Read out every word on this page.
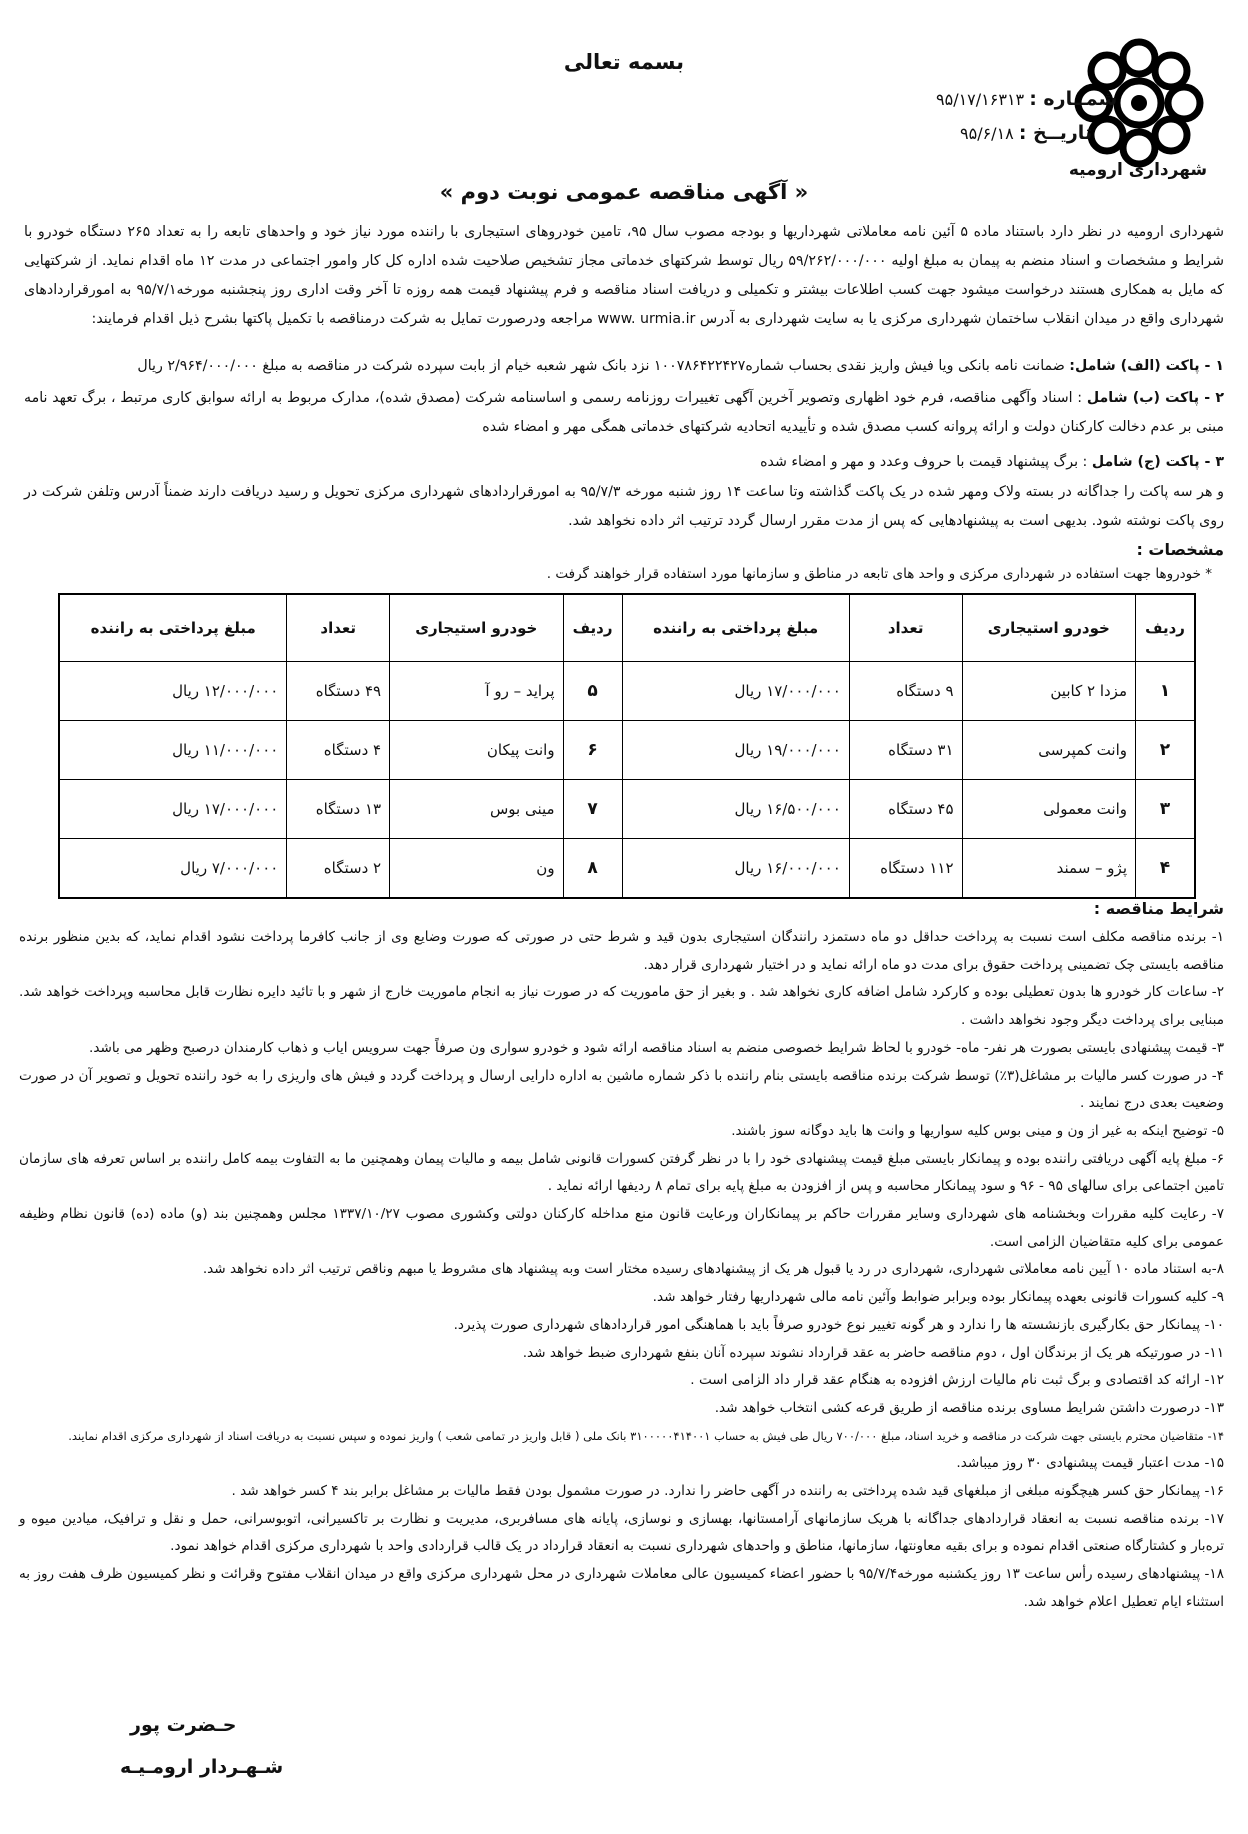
بسمه تعالی
شهرداری ارومیه
شمــاره : ۹۵/۱۷/۱۶۳۱۳
تاریــخ : ۹۵/۶/۱۸
« آگهی مناقصه عمومی نوبت دوم »
شهرداری ارومیه در نظر دارد باستناد ماده ۵ آئین نامه معاملاتی شهرداریها و بودجه مصوب سال ۹۵، تامین خودروهای استیجاری با راننده مورد نیاز خود و واحدهای تابعه را به تعداد ۲۶۵ دستگاه خودرو با شرایط و مشخصات و اسناد منضم به پیمان به مبلغ اولیه ۵۹/۲۶۲/۰۰۰/۰۰۰ ریال توسط شرکتهای خدماتی مجاز تشخیص صلاحیت شده اداره کل کار وامور اجتماعی در مدت ۱۲ ماه اقدام نماید. از شرکتهایی که مایل به همکاری هستند درخواست میشود جهت کسب اطلاعات بیشتر و تکمیلی و دریافت اسناد مناقصه و فرم پیشنهاد قیمت همه روزه تا آخر وقت اداری روز پنجشنبه مورخه۹۵/۷/۱ به امورقراردادهای شهرداری واقع در میدان انقلاب ساختمان شهرداری مرکزی یا به سایت شهرداری به آدرس www. urmia.ir مراجعه ودرصورت تمایل به شرکت درمناقصه با تکمیل پاکتها بشرح ذیل اقدام فرمایند:
۱ - پاکت (الف) شامل: ضمانت نامه بانکی ویا فیش واریز نقدی بحساب شماره۱۰۰۷۸۶۴۲۲۴۲۷ نزد بانک شهر شعبه خیام از بابت سپرده شرکت در مناقصه به مبلغ ۲/۹۶۴/۰۰۰/۰۰۰ ریال
۲ - پاکت (ب) شامل : اسناد وآگهی مناقصه، فرم خود اظهاری وتصویر آخرین آگهی تغییرات روزنامه رسمی و اساسنامه شرکت (مصدق شده)، مدارک مربوط به ارائه سوابق کاری مرتبط ، برگ تعهد نامه مبنی بر عدم دخالت کارکنان دولت و ارائه پروانه کسب مصدق شده و تأییدیه اتحادیه شرکتهای خدماتی همگی مهر و امضاء شده
۳ - پاکت (ج) شامل : برگ پیشنهاد قیمت با حروف وعدد و مهر و امضاء شده
و هر سه پاکت را جداگانه در بسته ولاک ومهر شده در یک پاکت گذاشته وتا ساعت ۱۴ روز شنبه مورخه ۹۵/۷/۳ به امورقراردادهای شهرداری مرکزی تحویل و رسید دریافت دارند ضمناً آدرس وتلفن شرکت در روی پاکت نوشته شود. بدیهی است به پیشنهادهایی که پس از مدت مقرر ارسال گردد ترتیب اثر داده نخواهد شد.
مشخصات :
* خودروها جهت استفاده در شهرداری مرکزی و واحد های تابعه در مناطق و سازمانها مورد استفاده قرار خواهند گرفت .
ردیف	خودرو استیجاری	تعداد	مبلغ پرداختی به راننده	ردیف	خودرو استیجاری	تعداد	مبلغ پرداختی به راننده
۱	مزدا ۲ کابین	۹ دستگاه	۱۷/۰۰۰/۰۰۰ ریال	۵	پراید – رو آ	۴۹ دستگاه	۱۲/۰۰۰/۰۰۰ ریال
۲	وانت کمپرسی	۳۱ دستگاه	۱۹/۰۰۰/۰۰۰ ریال	۶	وانت پیکان	۴ دستگاه	۱۱/۰۰۰/۰۰۰ ریال
۳	وانت معمولی	۴۵ دستگاه	۱۶/۵۰۰/۰۰۰ ریال	۷	مینی بوس	۱۳ دستگاه	۱۷/۰۰۰/۰۰۰ ریال
۴	پژو – سمند	۱۱۲ دستگاه	۱۶/۰۰۰/۰۰۰ ریال	۸	ون	۲ دستگاه	۷/۰۰۰/۰۰۰ ریال
شرایط مناقصه :

۱- برنده مناقصه مکلف است نسبت به پرداخت حداقل دو ماه دستمزد رانندگان استیجاری بدون قید و شرط حتی در صورتی که صورت وضایع وی از جانب کافرما پرداخت نشود اقدام نماید، که بدین منظور برنده مناقصه بایستی چک تضمینی پرداخت حقوق برای مدت دو ماه ارائه نماید و در اختیار شهرداری قرار دهد.

۲- ساعات کار خودرو ها بدون تعطیلی بوده و کارکرد شامل اضافه کاری نخواهد شد . و بغیر از حق ماموریت که در صورت نیاز به انجام ماموریت خارج از شهر و با تائید دایره نظارت قابل محاسبه وپرداخت خواهد شد. مبنایی برای پرداخت دیگر وجود نخواهد داشت .

۳- قیمت پیشنهادی بایستی بصورت هر نفر- ماه- خودرو با لحاظ شرایط خصوصی منضم به اسناد مناقصه ارائه شود و خودرو سواری ون صرفاً جهت سرویس ایاب و ذهاب کارمندان درصبح وظهر می باشد.

۴- در صورت کسر مالیات بر مشاغل(۳٪) توسط شرکت برنده مناقصه بایستی بنام راننده با ذکر شماره ماشین به اداره دارایی ارسال و پرداخت گردد و فیش های واریزی را به خود راننده تحویل و تصویر آن در صورت وضعیت بعدی درج نمایند .

۵- توضیح اینکه به غیر از ون و مینی بوس کلیه سواریها و وانت ها باید دوگانه سوز باشند.

۶- مبلغ پایه آگهی دریافتی راننده بوده و پیمانکار بایستی مبلغ قیمت پیشنهادی خود را با در نظر گرفتن کسورات قانونی شامل بیمه و مالیات پیمان وهمچنین ما به التفاوت بیمه کامل راننده بر اساس تعرفه های سازمان تامین اجتماعی برای سالهای ۹۵ - ۹۶ و سود پیمانکار محاسبه و پس از افزودن به مبلغ پایه برای تمام ۸ ردیفها ارائه نماید .

۷- رعایت کلیه مقررات وبخشنامه های شهرداری وسایر مقررات حاکم بر پیمانکاران ورعایت قانون منع مداخله کارکنان دولتی وکشوری مصوب ۱۳۳۷/۱۰/۲۷ مجلس وهمچنین بند (و) ماده (ده) قانون نظام وظیفه عمومی برای کلیه متقاضیان الزامی است.

۸-به استناد ماده ۱۰ آیین نامه معاملاتی شهرداری، شهرداری در رد یا قبول هر یک از پیشنهادهای رسیده مختار است وبه پیشنهاد های مشروط یا مبهم وناقص ترتیب اثر داده نخواهد شد.

۹- کلیه کسورات قانونی بعهده پیمانکار بوده وبرابر ضوابط وآئین نامه مالی شهرداریها رفتار خواهد شد.

۱۰- پیمانکار حق بکارگیری بازنشسته ها را ندارد و هر گونه تغییر نوع خودرو صرفاً باید با هماهنگی امور قراردادهای شهرداری صورت پذیرد.

۱۱- در صورتیکه هر یک از برندگان اول ، دوم مناقصه حاضر به عقد قرارداد نشوند سپرده آنان بنفع شهرداری ضبط خواهد شد.

۱۲- ارائه کد اقتصادی و برگ ثبت نام مالیات ارزش افزوده به هنگام عقد قرار داد الزامی است .

۱۳- درصورت داشتن شرایط مساوی برنده مناقصه از طریق قرعه کشی انتخاب خواهد شد.

۱۴- متقاضیان محترم بایستی جهت شرکت در مناقصه و خرید اسناد، مبلغ ۷۰۰/۰۰۰ ریال طی فیش به حساب ۳۱۰۰۰۰۰۴۱۴۰۰۱ بانک ملی ( قابل واریز در تمامی شعب ) واریز نموده و سپس نسبت به دریافت اسناد از شهرداری مرکزی اقدام نمایند.

۱۵- مدت اعتبار قیمت پیشنهادی ۳۰ روز میباشد.

۱۶- پیمانکار حق کسر هیچگونه مبلغی از مبلغهای قید شده پرداختی به راننده در آگهی حاضر را ندارد. در صورت مشمول بودن فقط مالیات بر مشاغل برابر بند ۴ کسر خواهد شد .

۱۷- برنده مناقصه نسبت به انعقاد قراردادهای جداگانه با هریک سازمانهای آرامستانها، بهسازی و نوسازی، پایانه های مسافربری، مدیریت و نظارت بر تاکسیرانی، اتوبوسرانی، حمل و نقل و ترافیک، میادین میوه و تره‌بار و کشتارگاه صنعتی اقدام نموده و برای بقیه معاونتها، سازمانها، مناطق و واحدهای شهرداری نسبت به انعقاد قرارداد در یک قالب قراردادی واحد با شهرداری مرکزی اقدام خواهد نمود.

۱۸- پیشنهادهای رسیده رأس ساعت ۱۳ روز یکشنبه مورخه۹۵/۷/۴ با حضور اعضاء کمیسیون عالی معاملات شهرداری در محل شهرداری مرکزی واقع در میدان انقلاب مفتوح وقرائت و نظر کمیسیون ظرف هفت روز به استثناء ایام تعطیل اعلام خواهد شد.

حـضرت پور
شـهـردار ارومـیـه
